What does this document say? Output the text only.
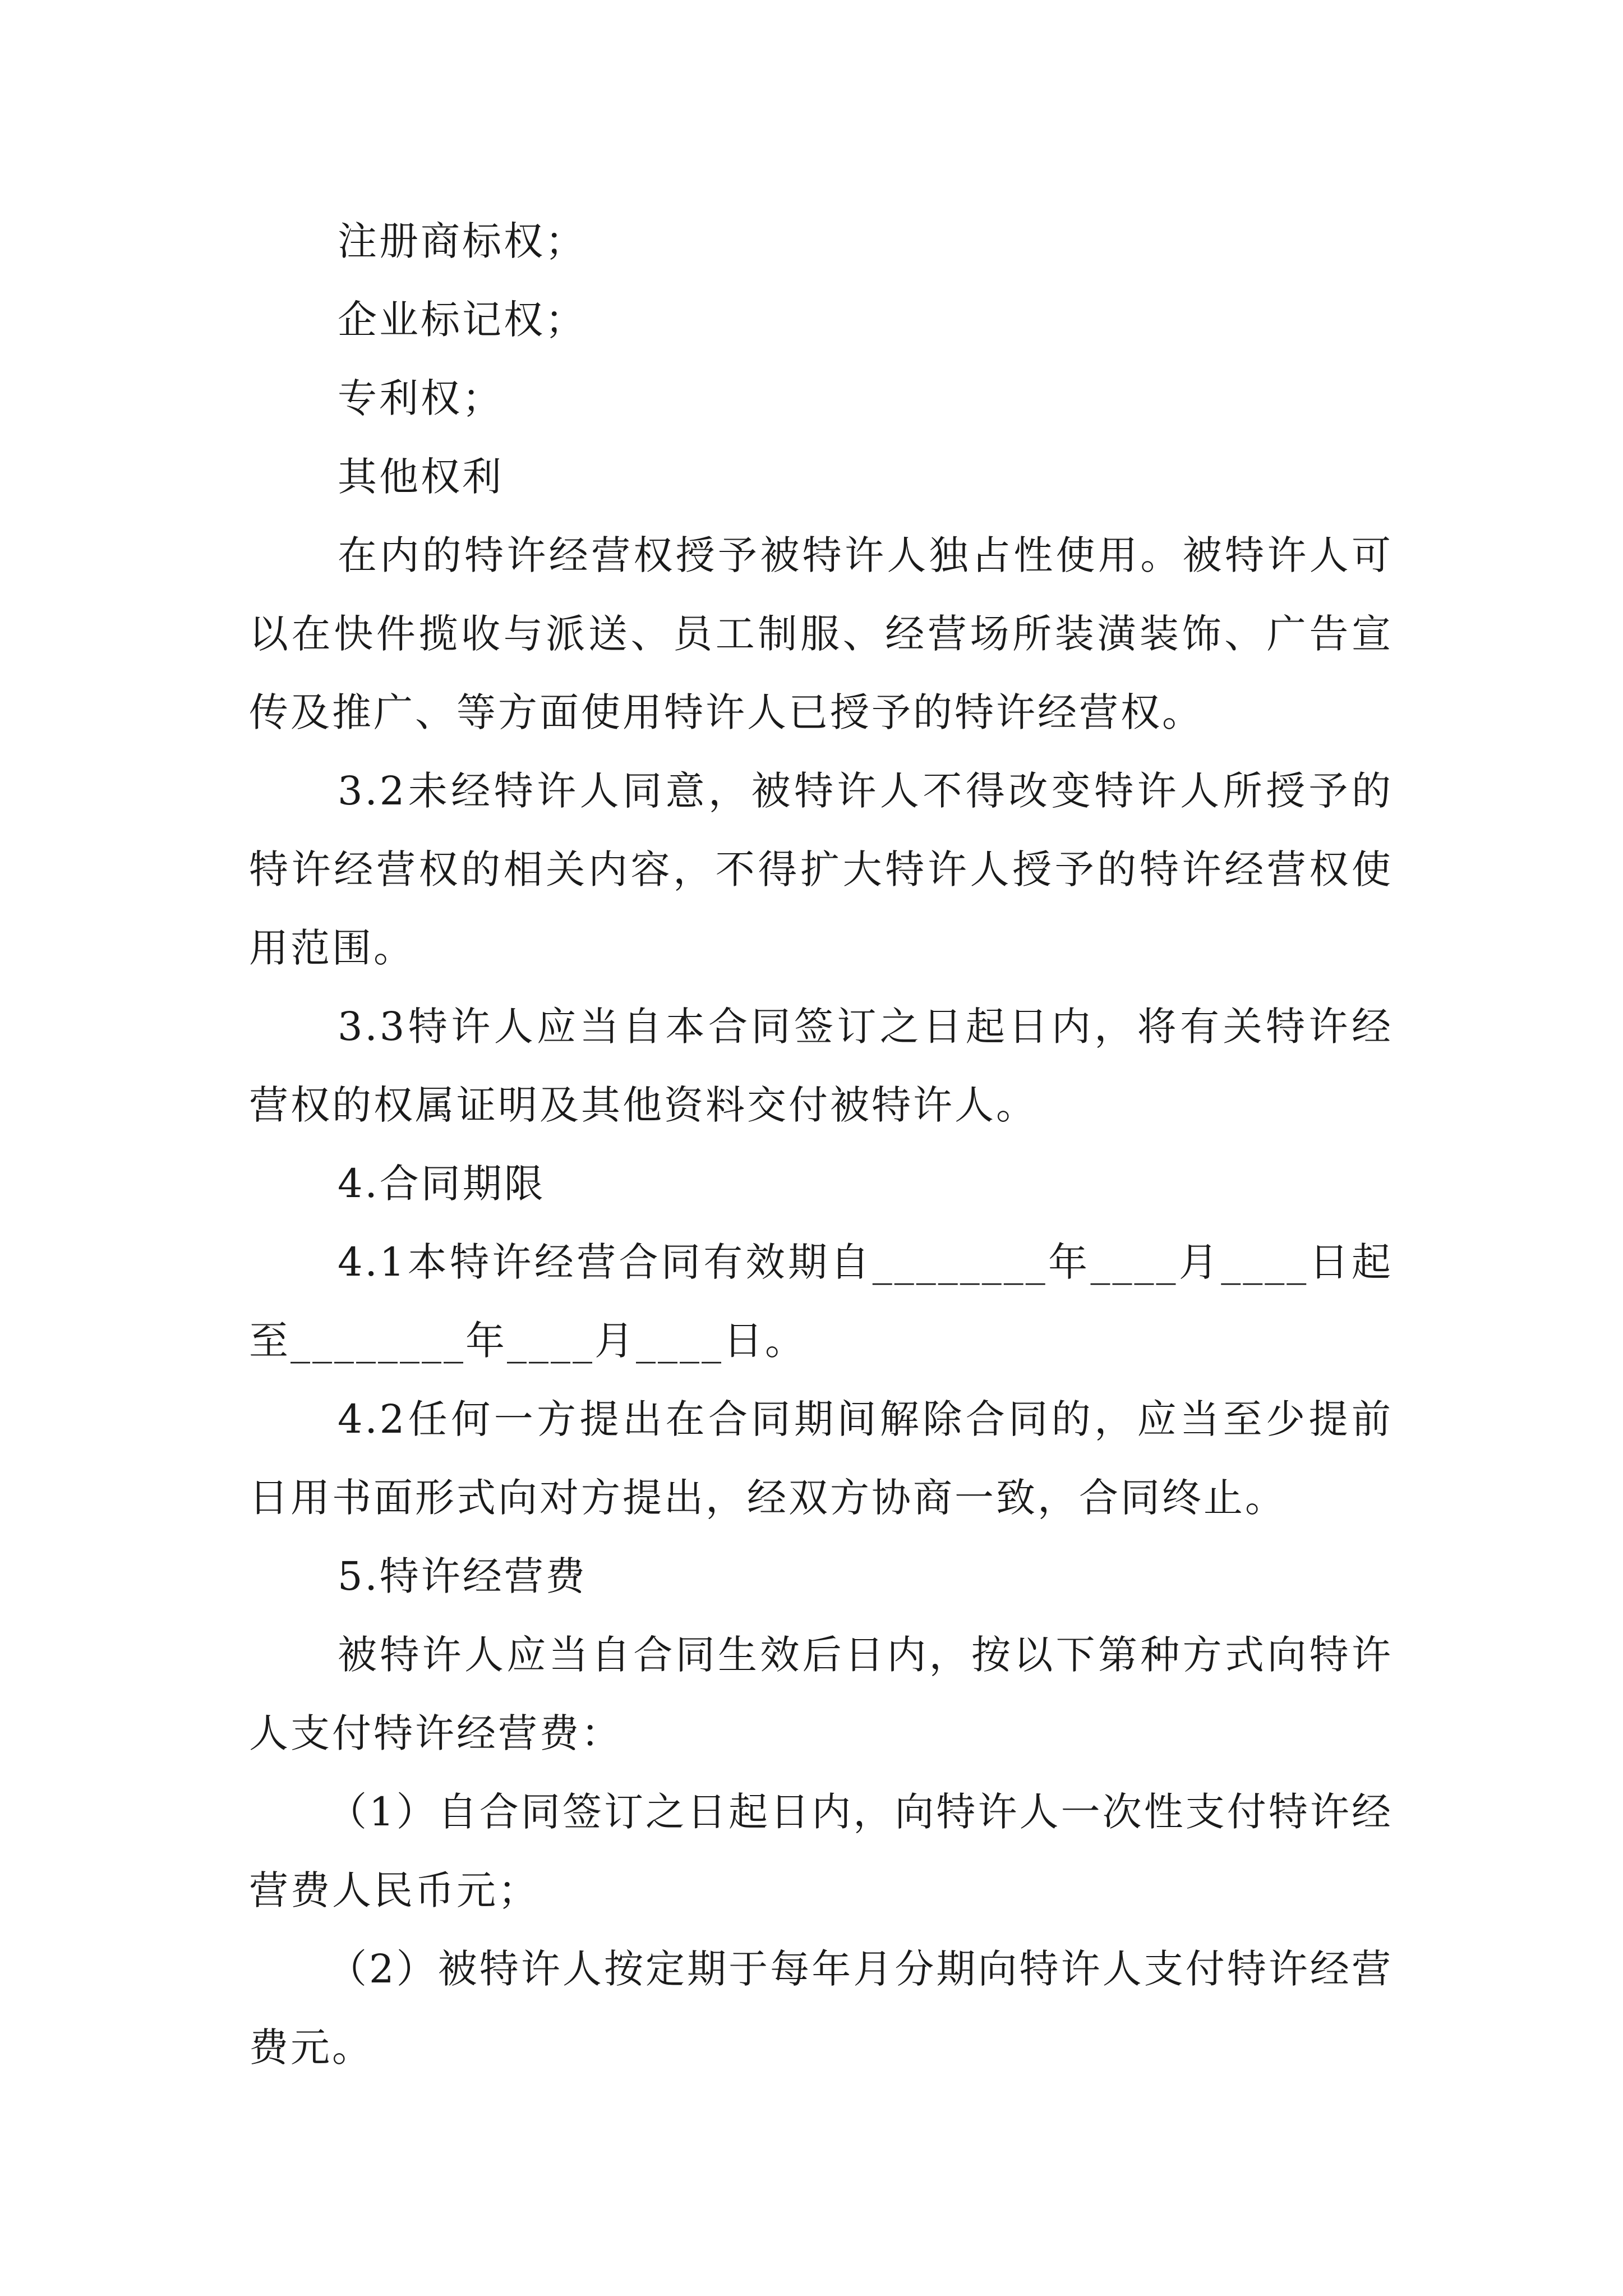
注册商标权；

企业标记权；

专利权；

其他权利

在内的特许经营权授予被特许人独占性使用。被特许人可以在快件揽收与派送、员工制服、经营场所装潢装饰、广告宣传及推广、等方面使用特许人已授予的特许经营权。

3.2未经特许人同意，被特许人不得改变特许人所授予的特许经营权的相关内容，不得扩大特许人授予的特许经营权使用范围。

3.3特许人应当自本合同签订之日起日内，将有关特许经营权的权属证明及其他资料交付被特许人。

4.合同期限

4.1本特许经营合同有效期自________年____月____日起至________年____月____日。

4.2任何一方提出在合同期间解除合同的，应当至少提前日用书面形式向对方提出，经双方协商一致，合同终止。

5.特许经营费

被特许人应当自合同生效后日内，按以下第种方式向特许人支付特许经营费：

（1）自合同签订之日起日内，向特许人一次性支付特许经营费人民币元；

（2）被特许人按定期于每年月分期向特许人支付特许经营费元。
